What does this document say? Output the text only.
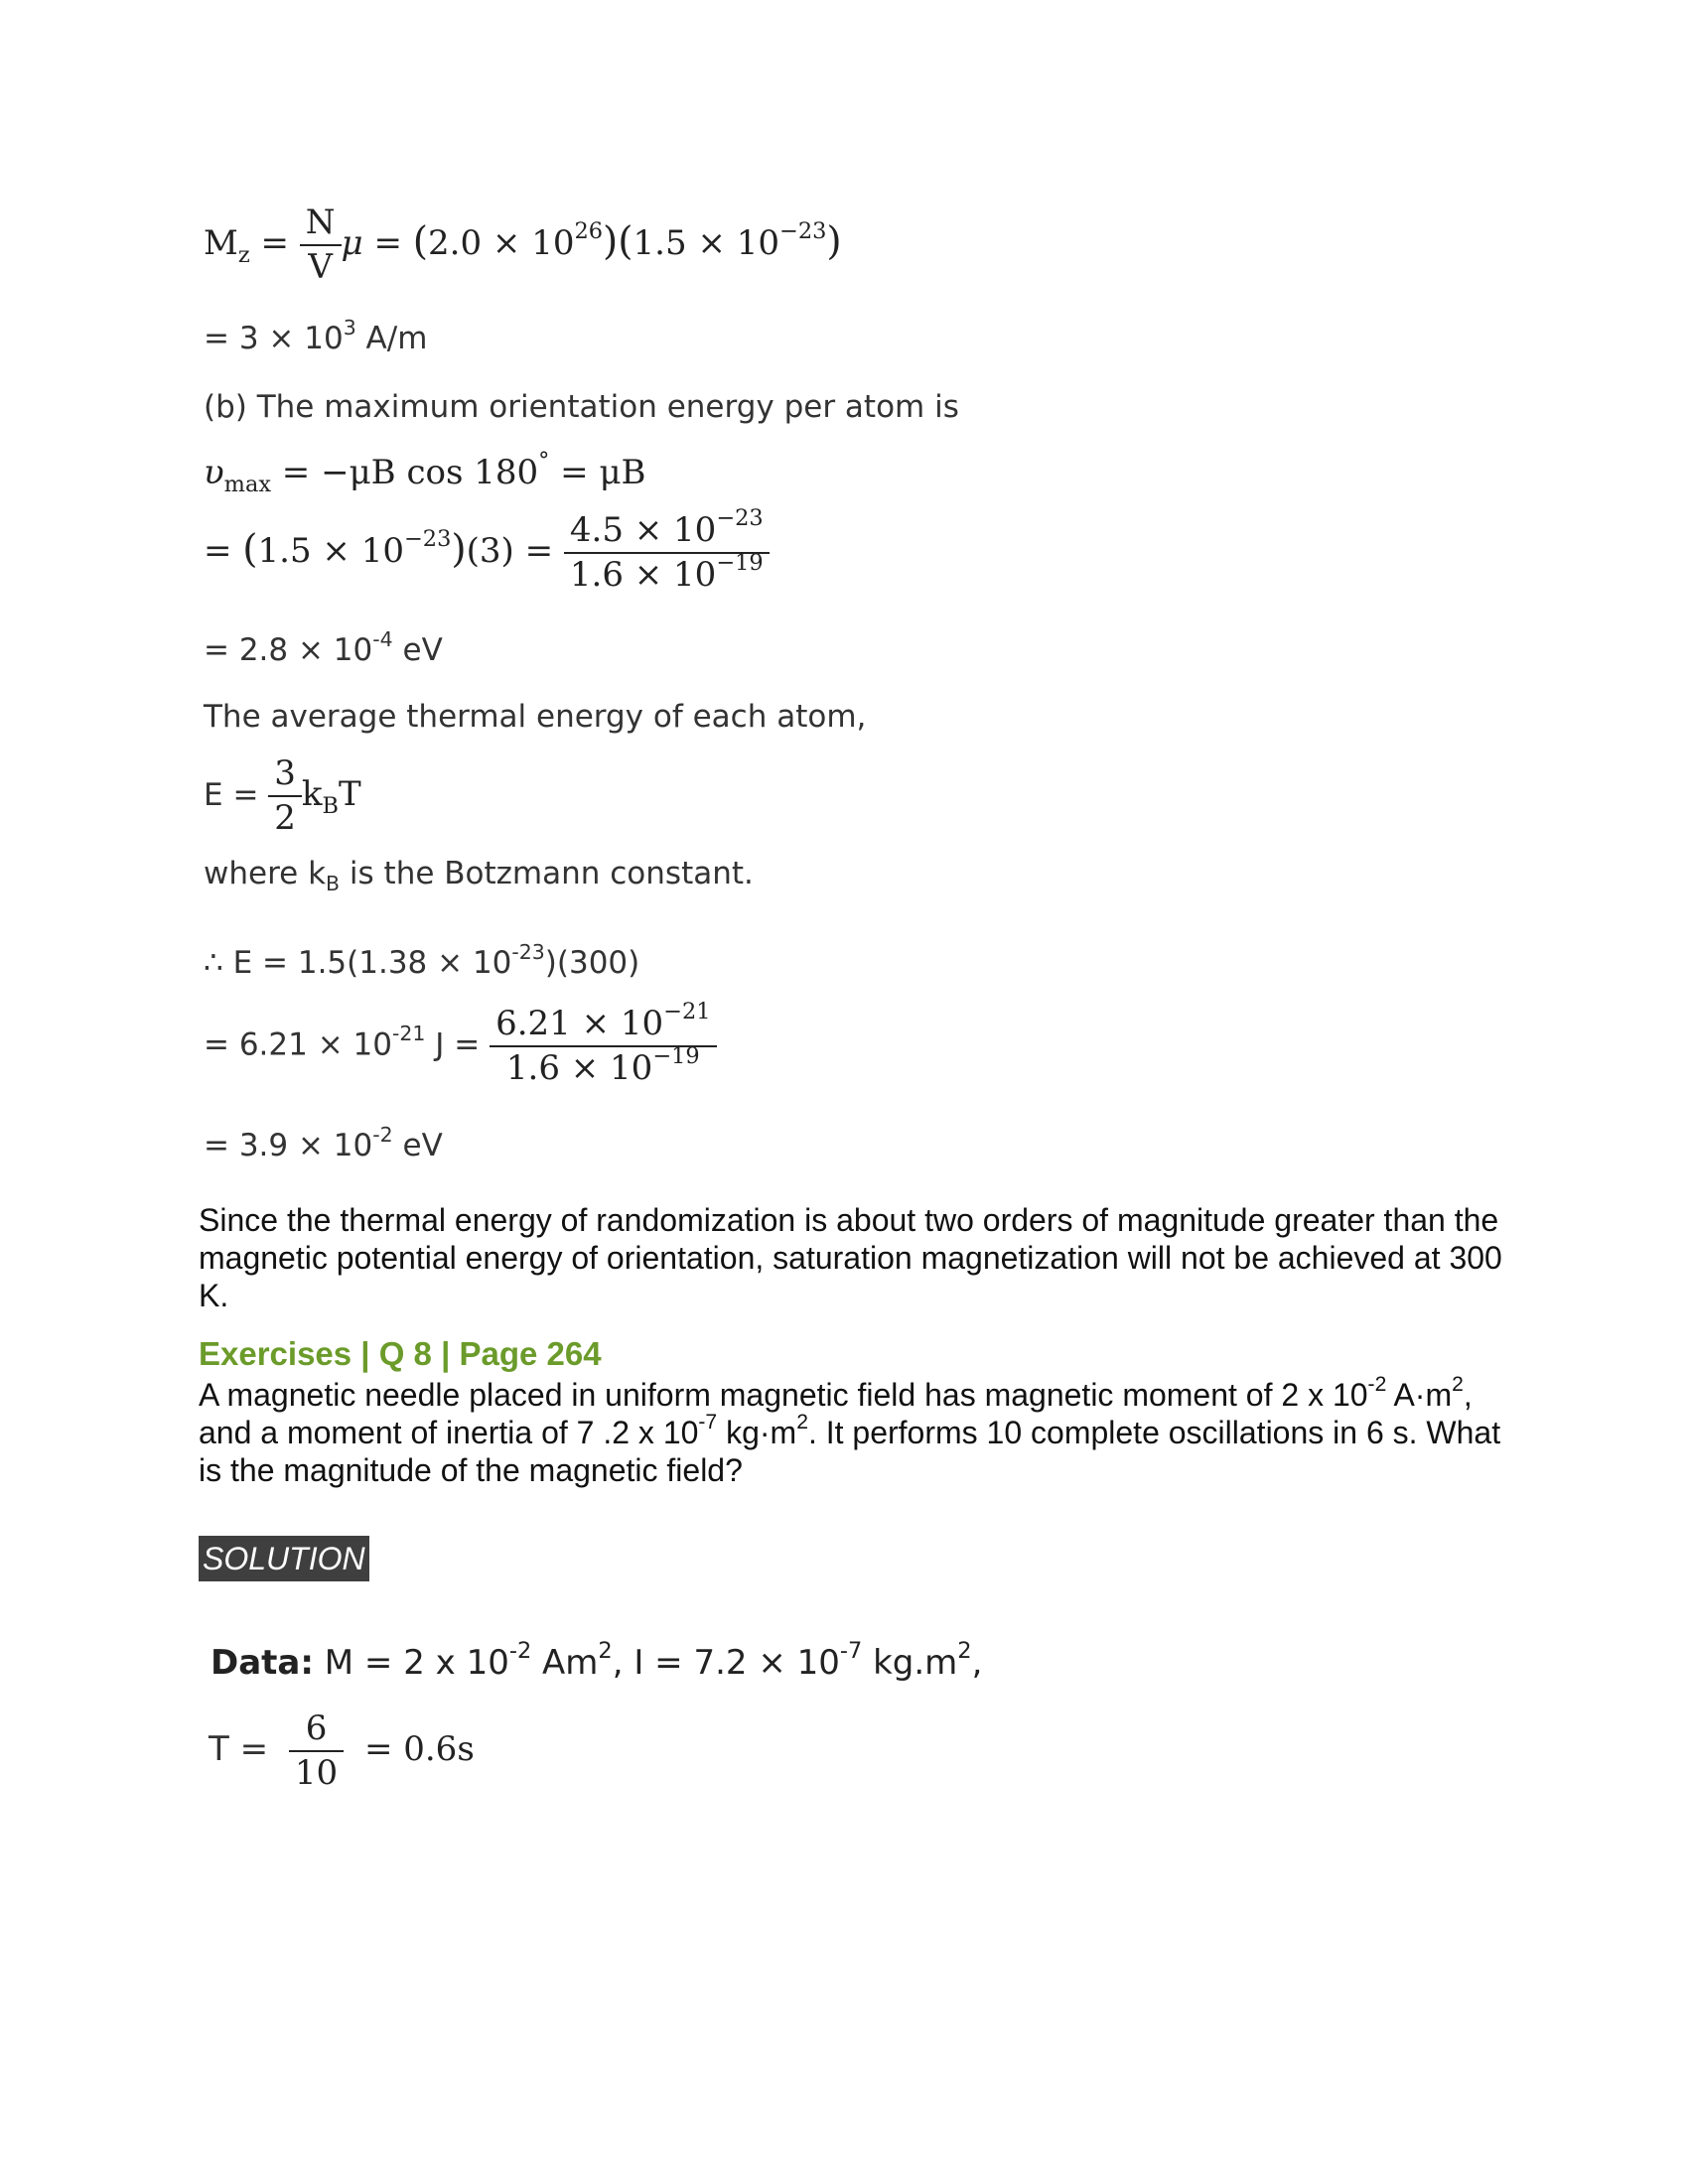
$M_z = \frac{N}{V}$ $\mu = (2.0 \times 10^{26})(1.5 \times 10^{-23})$
= $3 \times 10^3$ A/m
(b) The maximum orientation energy per atom is
$\upsilon_{max} = -\mu B$ cos 180° = μB
= $(1.5 \times 10^{-23})(3) = \frac{4.5 \times 10^{-23}}{1.6 \times 10^{-19}}$
= $2.8 \times 10^{-4}$ eV
The average thermal energy of each atom,
$E = \frac{3}{2} k_BT$
where $k_B$ is the Botzmann constant.
∴ $E = 1.5(1.38 \times 10^{-23})(300)$
= $6.21 \times 10^{-21}$ $J = \frac{6.21 \times 10^{-21}}{1.6 \times 10^{-19}}$
= $3.9 \times 10^{-2}$ eV
Since the thermal energy of randomization is about two orders of magnitude greater than the magnetic potential energy of orientation, saturation magnetization will not be achieved at 300 K.
Exercises | Q 8 | Page 264
A magnetic needle placed in uniform magnetic field has magnetic moment of 2 x $10^{-2}$ $A\cdot m^2$, and a moment of inertia of 7 .2 x $10^{-7}$ $kg\cdot m^2$. It performs 10 complete oscillations in 6 s. What is the magnitude of the magnetic field?
SOLUTION
Data: M = 2 x $10^{-2}$ Am$^2$, $I = 7.2 \times 10^{-7}$ $kg.m^2$,
$T = \frac{6}{10} = 0.6s$
